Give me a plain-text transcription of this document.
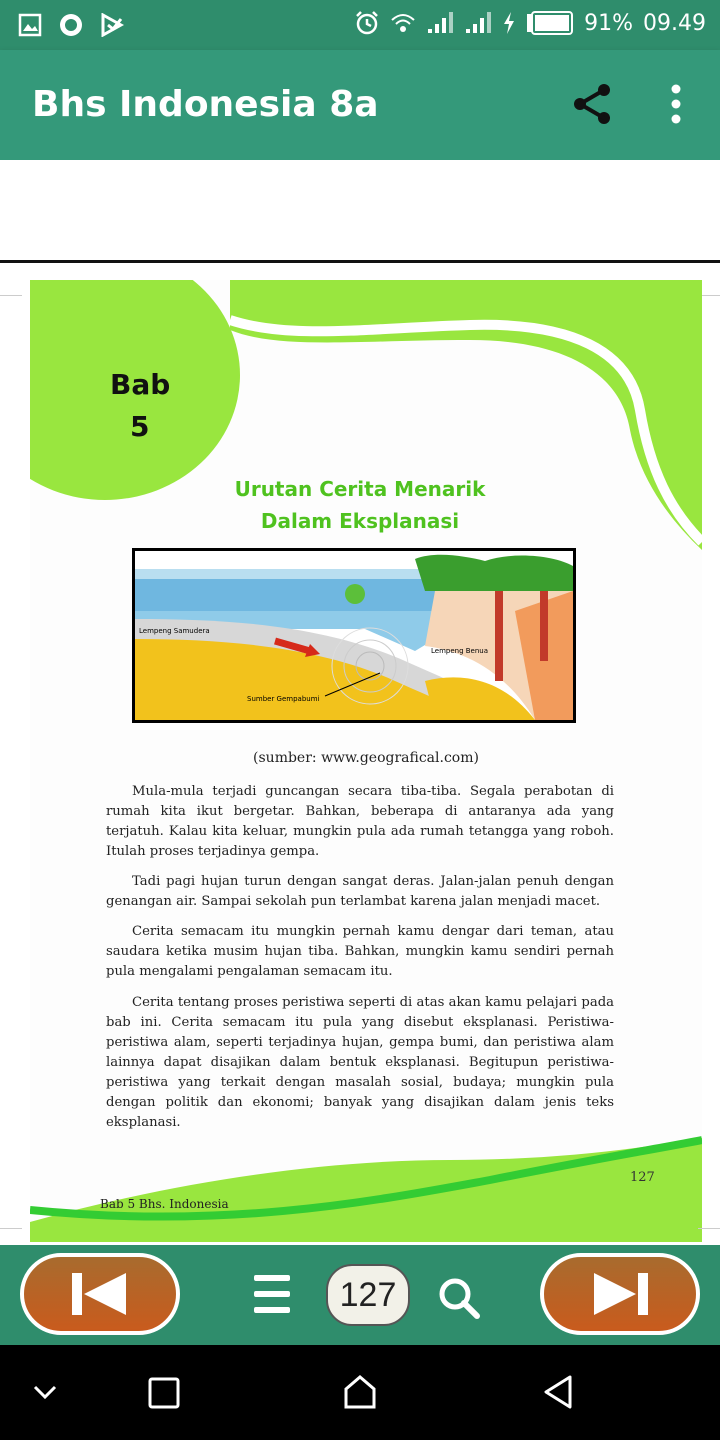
91% 09.49
Bhs Indonesia 8a
Bab
5
Urutan Cerita Menarik
Dalam Eksplanasi
Lempeng Samudera
Lempeng Benua
Sumber Gempabumi
(sumber: www.geografical.com)
Mula-mula terjadi guncangan secara tiba-tiba. Segala perabotan di rumah kita ikut bergetar. Bahkan, beberapa di antaranya ada yang terjatuh. Kalau kita keluar, mungkin pula ada rumah tetangga yang roboh. Itulah proses terjadinya gempa.
Tadi pagi hujan turun dengan sangat deras. Jalan-jalan penuh dengan genangan air. Sampai sekolah pun terlambat karena jalan menjadi macet.
Cerita semacam itu mungkin pernah kamu dengar dari teman, atau saudara ketika musim hujan tiba. Bahkan, mungkin kamu sendiri pernah pula mengalami pengalaman semacam itu.
Cerita tentang proses peristiwa seperti di atas akan kamu pelajari pada bab ini. Cerita semacam itu pula yang disebut eksplanasi. Peristiwa-peristiwa alam, seperti terjadinya hujan, gempa bumi, dan peristiwa alam lainnya dapat disajikan dalam bentuk eksplanasi. Begitupun peristiwa-peristiwa yang terkait dengan masalah sosial, budaya; mungkin pula dengan politik dan ekonomi; banyak yang disajikan dalam jenis teks eksplanasi.
127
Bab 5 Bhs. Indonesia
127
